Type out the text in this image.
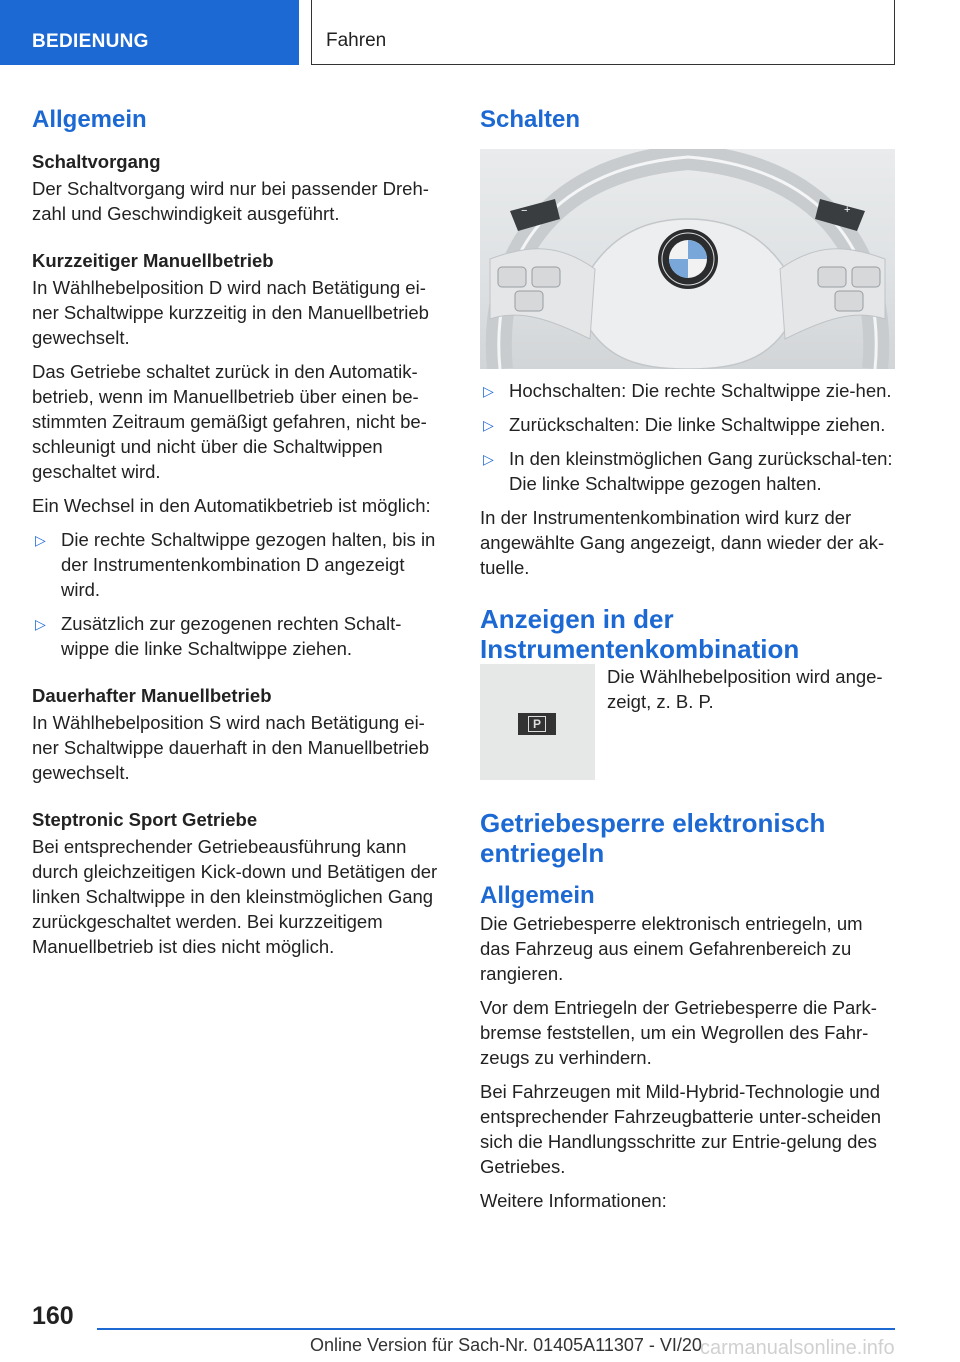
BEDIENUNG	Fahren
Allgemein
Schaltvorgang

Der Schaltvorgang wird nur bei passender Dreh-zahl und Geschwindigkeit ausgeführt.

Kurzzeitiger Manuellbetrieb

In Wählhebelposition D wird nach Betätigung ei-ner Schaltwippe kurzzeitig in den Manuellbetrieb gewechselt.

Das Getriebe schaltet zurück in den Automatik-betrieb, wenn im Manuellbetrieb über einen be-stimmten Zeitraum gemäßigt gefahren, nicht be-schleunigt und nicht über die Schaltwippen geschaltet wird.

Ein Wechsel in den Automatikbetrieb ist möglich:

▷ Die rechte Schaltwippe gezogen halten, bis in der Instrumentenkombination D angezeigt wird.
▷ Zusätzlich zur gezogenen rechten Schalt-wippe die linke Schaltwippe ziehen.
Dauerhafter Manuellbetrieb

In Wählhebelposition S wird nach Betätigung ei-ner Schaltwippe dauerhaft in den Manuellbetrieb gewechselt.

Steptronic Sport Getriebe

Bei entsprechender Getriebeausführung kann durch gleichzeitigen Kick-down und Betätigen der linken Schaltwippe in den kleinstmöglichen Gang zurückgeschaltet werden. Bei kurzzeitigem Manuellbetrieb ist dies nicht möglich.

Schalten
−	+
▷ Hochschalten: Die rechte Schaltwippe zie-hen.
▷ Zurückschalten: Die linke Schaltwippe ziehen.
▷ In den kleinstmöglichen Gang zurückschal-ten: Die linke Schaltwippe gezogen halten.

In der Instrumentenkombination wird kurz der angewählte Gang angezeigt, dann wieder der ak-tuelle.

Anzeigen in der Instrumentenkombination
P

Die Wählhebelposition wird ange-zeigt, z. B. P.

Getriebesperre elektronisch entriegeln
Allgemein

Die Getriebesperre elektronisch entriegeln, um das Fahrzeug aus einem Gefahrenbereich zu rangieren.

Vor dem Entriegeln der Getriebesperre die Park-bremse feststellen, um ein Wegrollen des Fahr-zeugs zu verhindern.

Bei Fahrzeugen mit Mild-Hybrid-Technologie und entsprechender Fahrzeugbatterie unter-scheiden sich die Handlungsschritte zur Entrie-gelung des Getriebes.

Weitere Informationen:

160
Online Version für Sach-Nr. 01405A11307 - VI/20
carmanualsonline.info
